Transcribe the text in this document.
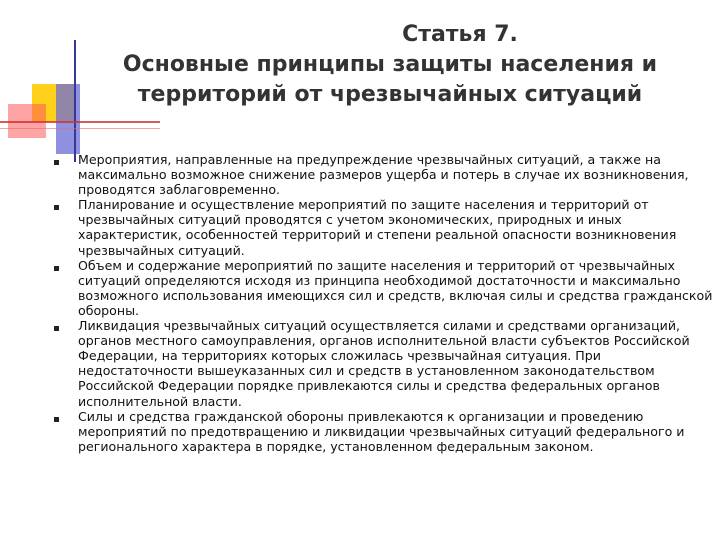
Статья 7.
Основные принципы защиты населения и
территорий от чрезвычайных ситуаций
Мероприятия, направленные на предупреждение чрезвычайных ситуаций, а также на максимально возможное снижение размеров ущерба и потерь в случае их возникновения, проводятся заблаговременно.
Планирование и осуществление мероприятий по защите населения и территорий от чрезвычайных ситуаций проводятся с учетом экономических, природных и иных характеристик, особенностей территорий и степени реальной опасности возникновения чрезвычайных ситуаций.
Объем и содержание мероприятий по защите населения и территорий от чрезвычайных ситуаций определяются исходя из принципа необходимой достаточности и максимально возможного использования имеющихся сил и средств, включая силы и средства гражданской обороны.
Ликвидация чрезвычайных ситуаций осуществляется силами и средствами организаций, органов местного самоуправления, органов исполнительной власти субъектов Российской Федерации, на территориях которых сложилась чрезвычайная ситуация. При недостаточности вышеуказанных сил и средств в установленном законодательством Российской Федерации порядке привлекаются силы и средства федеральных органов исполнительной власти.
Силы и средства гражданской обороны привлекаются к организации и проведению мероприятий по предотвращению и ликвидации чрезвычайных ситуаций федерального и регионального характера в порядке, установленном федеральным законом.
